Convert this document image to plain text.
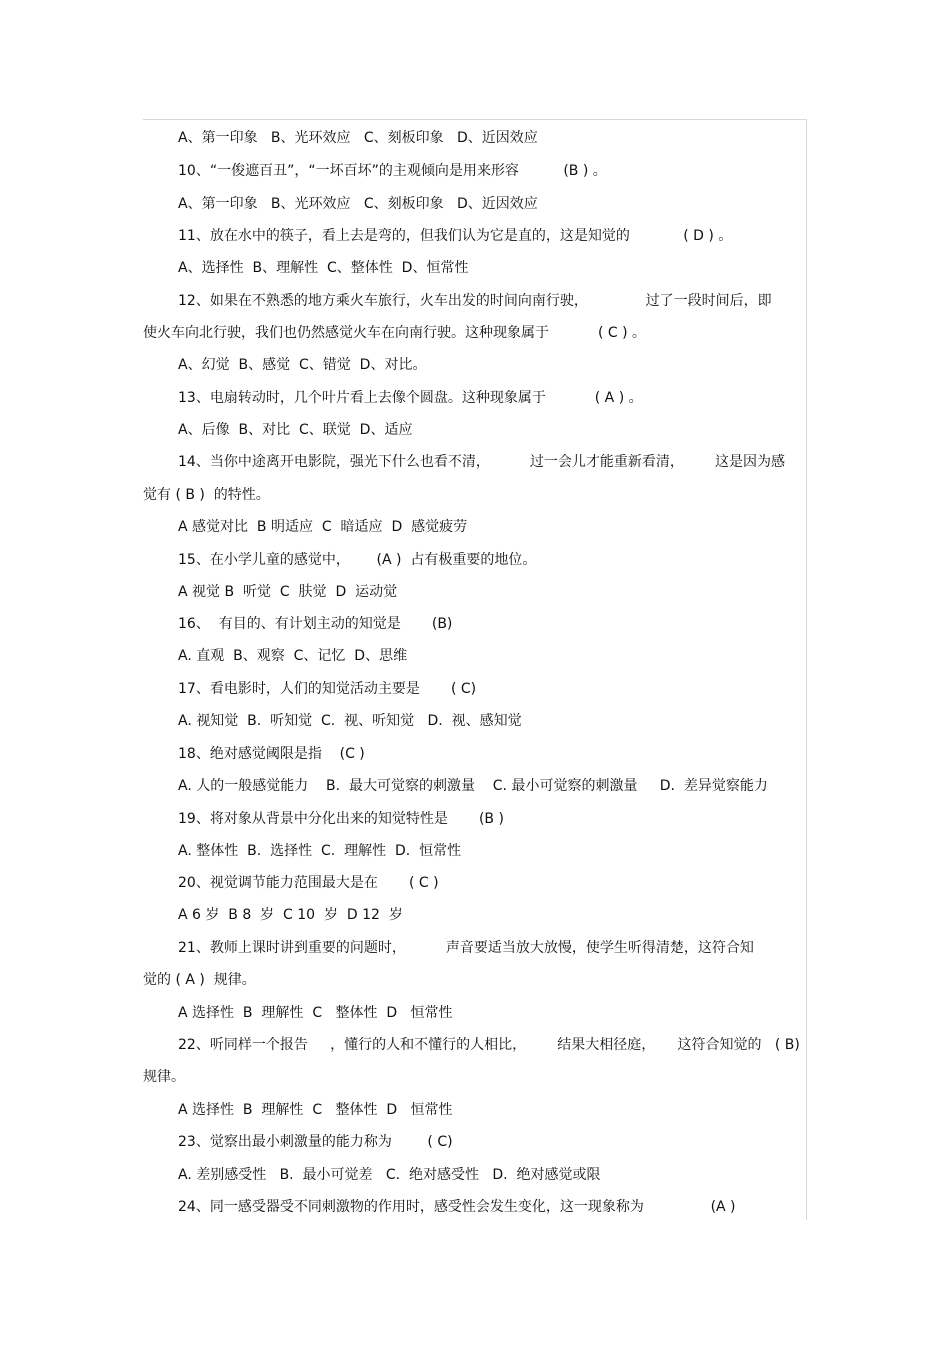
A、第一印象   B、光环效应   C、刻板印象   D、近因效应
10、“一俊遮百丑”，“一坏百坏”的主观倾向是用来形容          (B ) 。
A、第一印象   B、光环效应   C、刻板印象   D、近因效应
11、放在水中的筷子，看上去是弯的，但我们认为它是直的，这是知觉的            ( D ) 。
A、选择性  B、理解性  C、整体性  D、恒常性
12、如果在不熟悉的地方乘火车旅行，火车出发的时间向南行驶，             过了一段时间后，即
使火车向北行驶，我们也仍然感觉火车在向南行驶。这种现象属于           ( C ) 。
A、幻觉  B、感觉  C、错觉  D、对比。
13、电扇转动时，几个叶片看上去像个圆盘。这种现象属于           ( A ) 。
A、后像  B、对比  C、联觉  D、适应
14、当你中途离开电影院，强光下什么也看不清，         过一会儿才能重新看清，       这是因为感
觉有 ( B )  的特性。
A 感觉对比  B 明适应  C  暗适应  D  感觉疲劳
15、在小学儿童的感觉中，      (A )  占有极重要的地位。
A 视觉 B  听觉  C  肤觉  D  运动觉
16、  有目的、有计划主动的知觉是       (B)
A. 直观  B、观察  C、记忆  D、思维
17、看电影时，人们的知觉活动主要是       ( C)
A. 视知觉  B.  听知觉  C.  视、听知觉   D.  视、感知觉
18、绝对感觉阈限是指    (C )
A. 人的一般感觉能力    B.  最大可觉察的刺激量    C. 最小可觉察的刺激量     D.  差异觉察能力
19、将对象从背景中分化出来的知觉特性是       (B )
A. 整体性  B.  选择性  C.  理解性  D.  恒常性
20、视觉调节能力范围最大是在       ( C )
A 6 岁  B 8  岁  C 10  岁  D 12  岁
21、教师上课时讲到重要的问题时，         声音要适当放大放慢，使学生听得清楚，这符合知
觉的 ( A )  规律。
A 选择性  B  理解性  C   整体性  D   恒常性
22、听同样一个报告     ，懂行的人和不懂行的人相比，       结果大相径庭，     这符合知觉的   ( B)
规律。
A 选择性  B  理解性  C   整体性  D   恒常性
23、觉察出最小刺激量的能力称为        ( C)
A. 差别感受性   B.  最小可觉差   C.  绝对感受性   D.  绝对感觉或限
24、同一感受器受不同刺激物的作用时，感受性会发生变化，这一现象称为               (A )
